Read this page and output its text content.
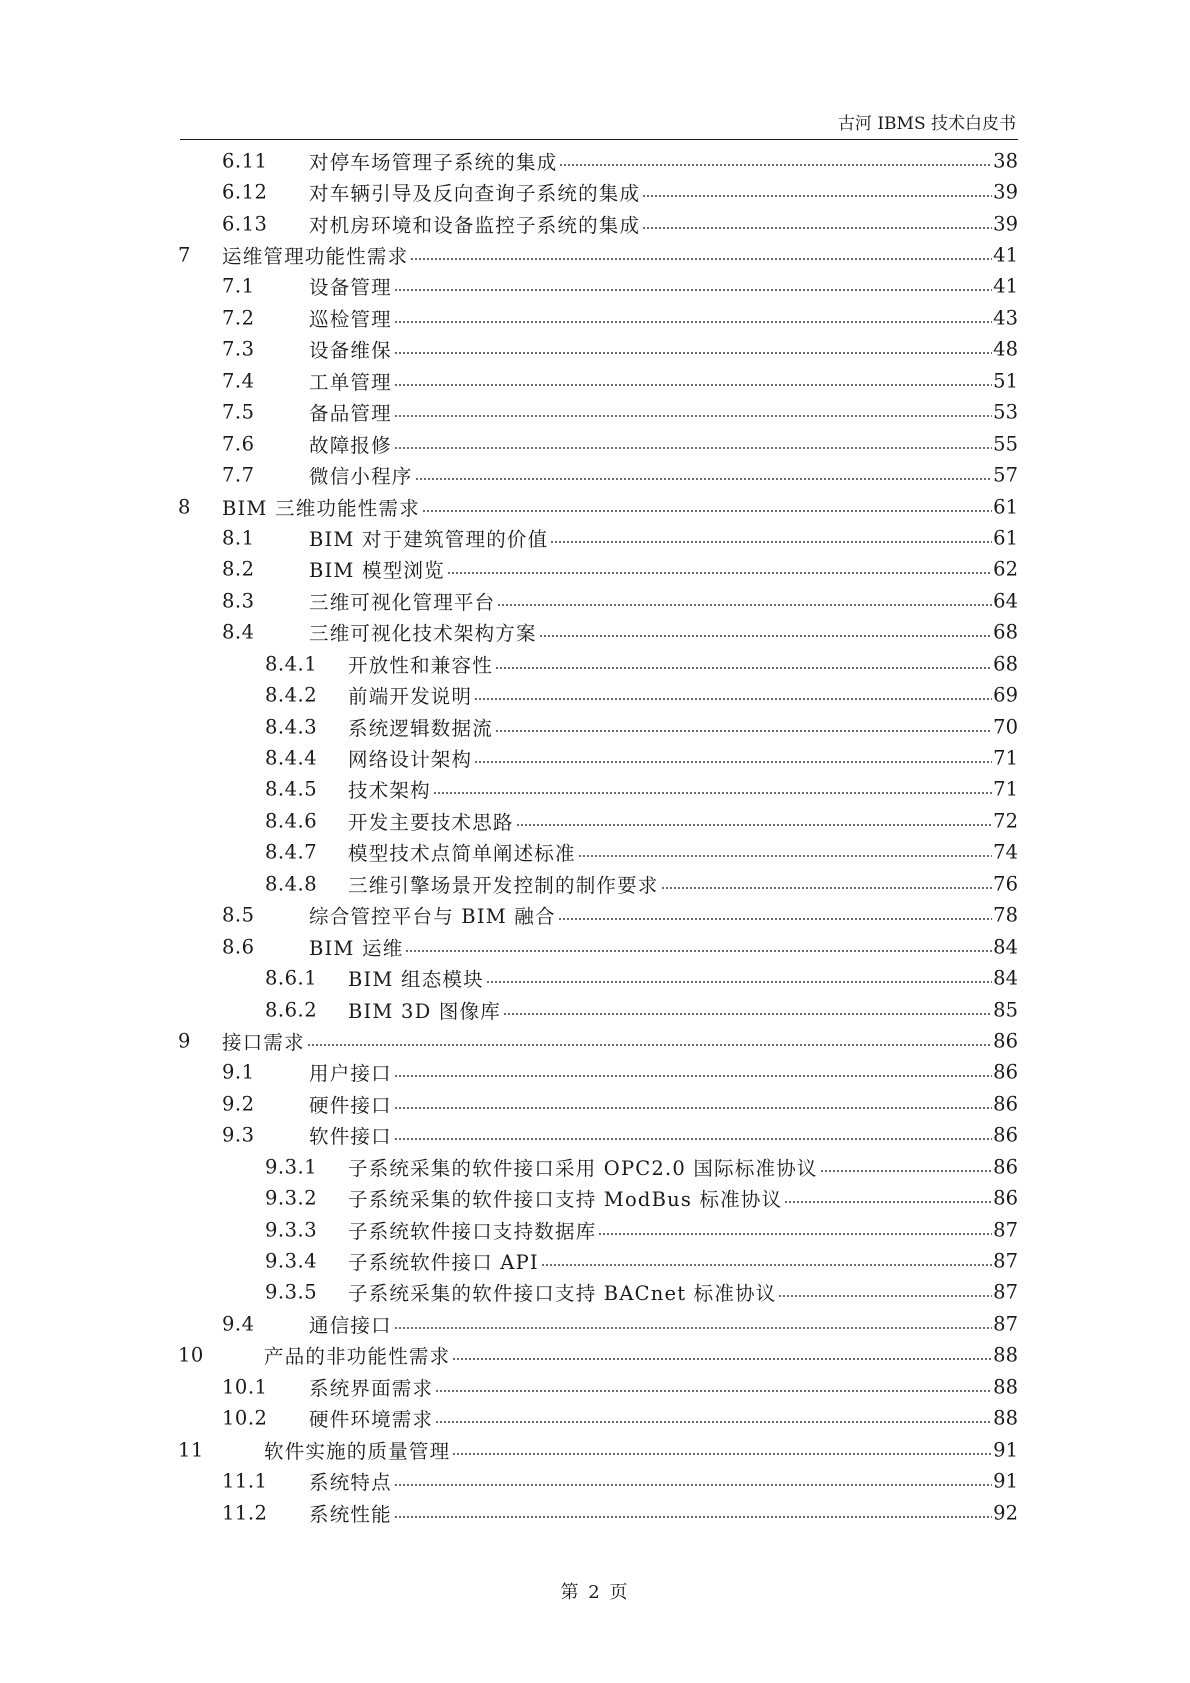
古河 IBMS 技术白皮书
6.11 对停车场管理子系统的集成	38
6.12 对车辆引导及反向查询子系统的集成	39
6.13 对机房环境和设备监控子系统的集成	39
7 运维管理功能性需求	41
7.1	设备管理	41
7.2	巡检管理	43
7.3	设备维保	48
7.4	工单管理	51
7.5	备品管理	53
7.6	故障报修	55
7.7	微信小程序	57
8 BIM 三维功能性需求	61
8.1	BIM 对于建筑管理的价值	61
8.2	BIM 模型浏览	62
8.3	三维可视化管理平台	64
8.4	三维可视化技术架构方案	68
8.4.1 开放性和兼容性	68
8.4.2 前端开发说明	69
8.4.3 系统逻辑数据流	70
8.4.4 网络设计架构	71
8.4.5 技术架构	71
8.4.6 开发主要技术思路	72
8.4.7 模型技术点简单阐述标准	74
8.4.8 三维引擎场景开发控制的制作要求	76
8.5	综合管控平台与 BIM 融合	78
8.6	BIM 运维	84
8.6.1 BIM 组态模块	84
8.6.2 BIM 3D 图像库	85
9 接口需求	86
9.1	用户接口	86
9.2	硬件接口	86
9.3	软件接口	86
9.3.1 子系统采集的软件接口采用 OPC2.0 国际标准协议	86
9.3.2 子系统采集的软件接口支持 ModBus 标准协议	86
9.3.3 子系统软件接口支持数据库	87
9.3.4 子系统软件接口 API	87
9.3.5 子系统采集的软件接口支持 BACnet 标准协议	87
9.4	通信接口	87
10	产品的非功能性需求	88
10.1 系统界面需求	88
10.2 硬件环境需求	88
11	软件实施的质量管理	91
11.1 系统特点	91
11.2 系统性能	92
第 2 页
